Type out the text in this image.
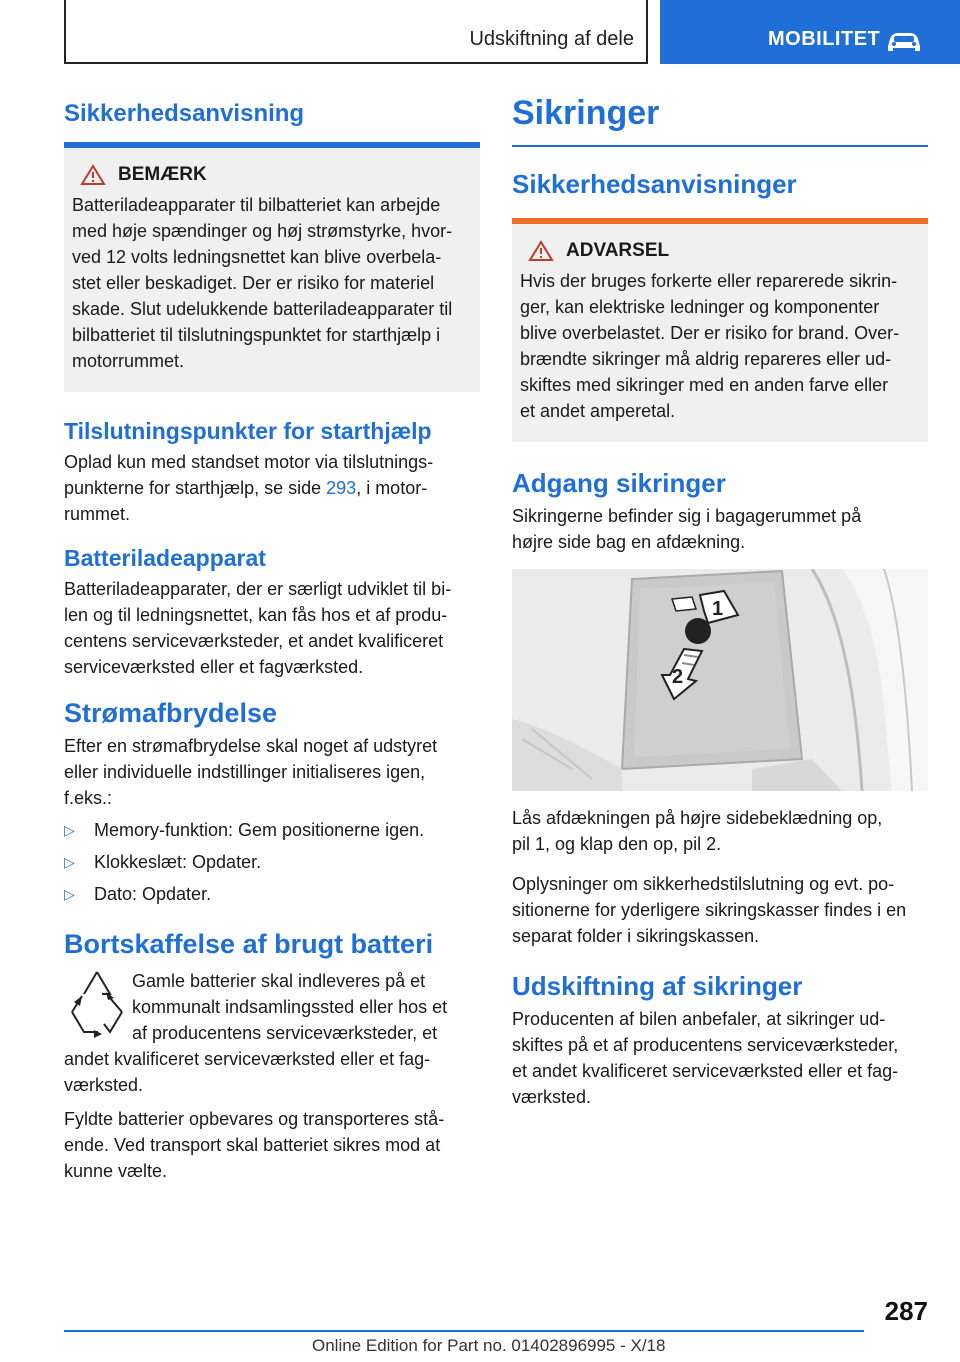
Udskiftning af dele	MOBILITET
Sikkerhedsanvisning
BEMÆRK
Batteriladeapparater til bilbatteriet kan arbejde
med høje spændinger og høj strømstyrke, hvor-
ved 12 volts ledningsnettet kan blive overbela-
stet eller beskadiget. Der er risiko for materiel
skade. Slut udelukkende batteriladeapparater til
bilbatteriet til tilslutningspunktet for starthjælp i
motorrummet.
Tilslutningspunkter for starthjælp
Oplad kun med standset motor via tilslutnings-
punkterne for starthjælp, se side 293, i motor-
rummet.
Batteriladeapparat
Batteriladeapparater, der er særligt udviklet til bi-
len og til ledningsnettet, kan fås hos et af produ-
centens serviceværksteder, et andet kvalificeret
serviceværksted eller et fagværksted.
Strømafbrydelse
Efter en strømafbrydelse skal noget af udstyret
eller individuelle indstillinger initialiseres igen,
f.eks.:
▷	Memory-funktion: Gem positionerne igen.
▷	Klokkeslæt: Opdater.
▷	Dato: Opdater.
Bortskaffelse af brugt batteri
Gamle batterier skal indleveres på et
kommunalt indsamlingssted eller hos et
af producentens serviceværksteder, et
andet kvalificeret serviceværksted eller et fag-
værksted.
Fyldte batterier opbevares og transporteres stå-
ende. Ved transport skal batteriet sikres mod at
kunne vælte.
Sikringer
Sikkerhedsanvisninger
ADVARSEL
Hvis der bruges forkerte eller reparerede sikrin-
ger, kan elektriske ledninger og komponenter
blive overbelastet. Der er risiko for brand. Over-
brændte sikringer må aldrig repareres eller ud-
skiftes med sikringer med en anden farve eller
et andet amperetal.
Adgang sikringer
Sikringerne befinder sig i bagagerummet på
højre side bag en afdækning.
1
2
Lås afdækningen på højre sidebeklædning op,
pil 1, og klap den op, pil 2.
Oplysninger om sikkerhedstilslutning og evt. po-
sitionerne for yderligere sikringskasser findes i en
separat folder i sikringskassen.
Udskiftning af sikringer
Producenten af bilen anbefaler, at sikringer ud-
skiftes på et af producentens serviceværksteder,
et andet kvalificeret serviceværksted eller et fag-
værksted.
287
Online Edition for Part no. 01402896995 - X/18
